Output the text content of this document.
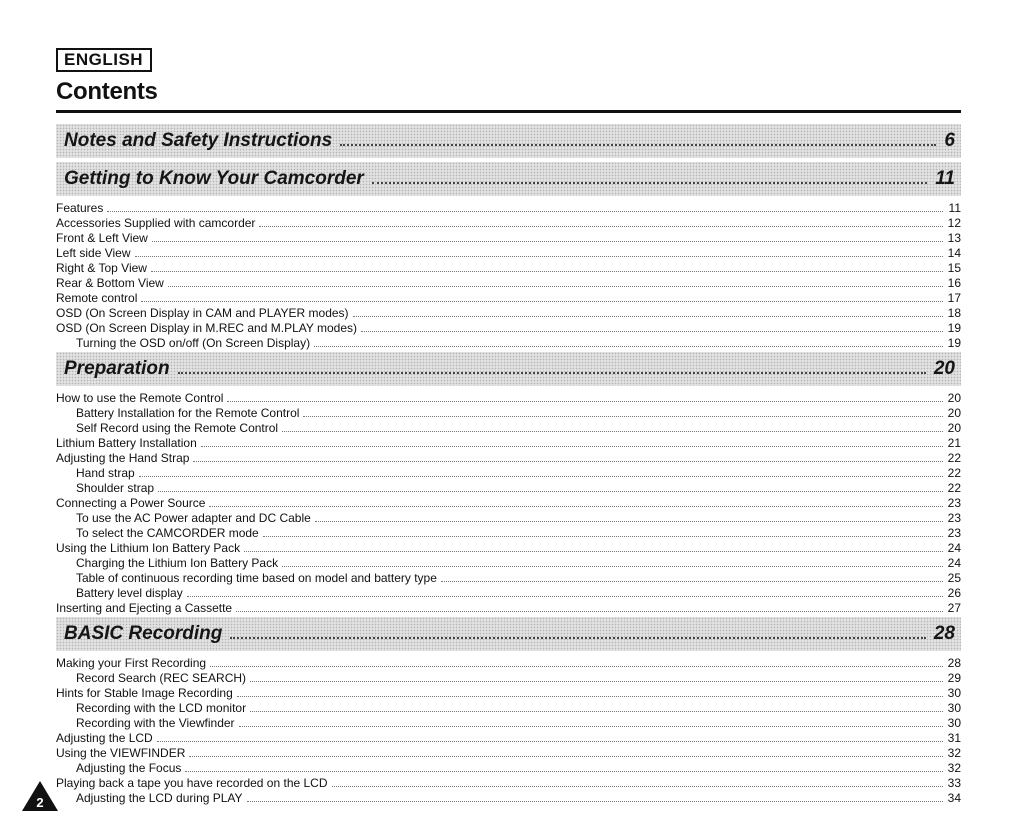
ENGLISH
Contents
Notes and Safety Instructions	6
Getting to Know Your Camcorder	11
Features	11
Accessories Supplied with camcorder	12
Front & Left View	13
Left side View	14
Right & Top View	15
Rear & Bottom View	16
Remote control	17
OSD (On Screen Display in CAM and PLAYER modes)	18
OSD (On Screen Display in M.REC and M.PLAY modes)	19
Turning the OSD on/off (On Screen Display)	19
Preparation	20
How to use the Remote Control	20
Battery Installation for the Remote Control	20
Self Record using the Remote Control	20
Lithium Battery Installation	21
Adjusting the Hand Strap	22
Hand strap	22
Shoulder strap	22
Connecting a Power Source	23
To use the AC Power adapter and DC Cable	23
To select the CAMCORDER mode	23
Using the Lithium Ion Battery Pack	24
Charging the Lithium Ion Battery Pack	24
Table of continuous recording time based on model and battery type	25
Battery level display	26
Inserting and Ejecting a Cassette	27
BASIC Recording	28
Making your First Recording	28
Record Search (REC SEARCH)	29
Hints for Stable Image Recording	30
Recording with the LCD monitor	30
Recording with the Viewfinder	30
Adjusting the LCD	31
Using the VIEWFINDER	32
Adjusting the Focus	32
Playing back a tape you have recorded on the LCD	33
Adjusting the LCD during PLAY	34
2
